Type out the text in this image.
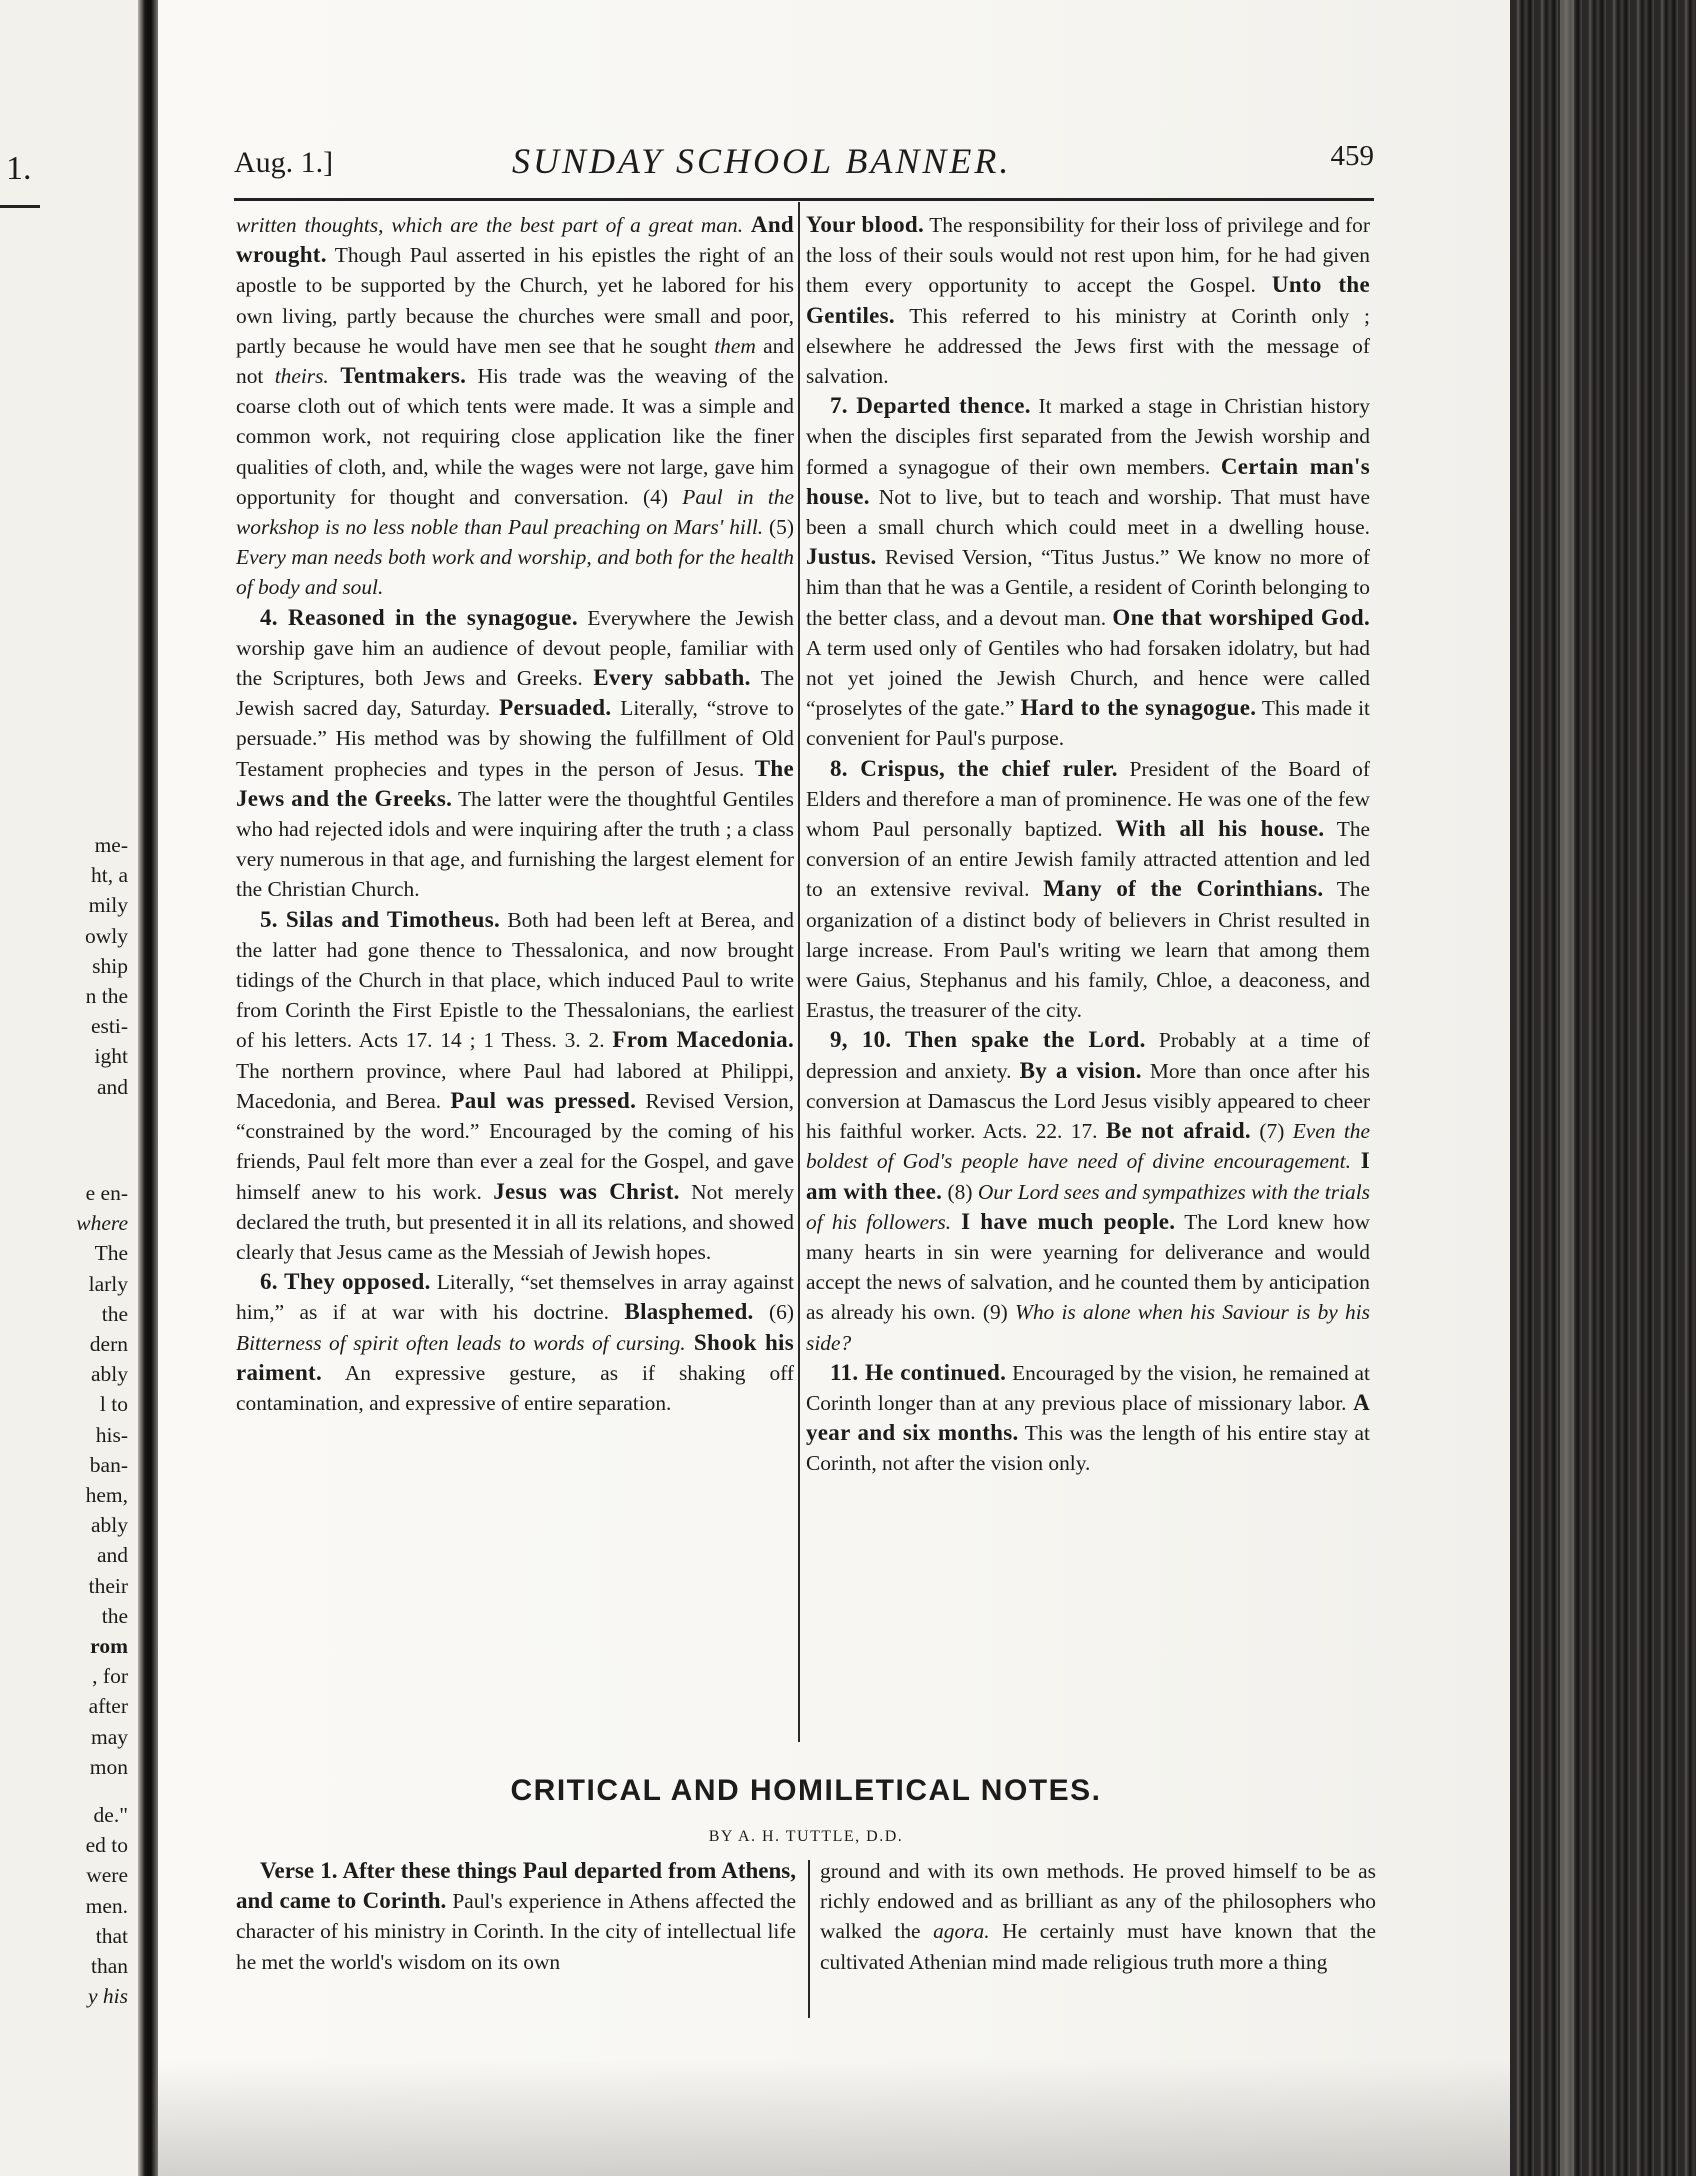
1.
me-
ht, a
mily
owly
ship
n the
esti-
ight
and
e en-
where
The
larly
the
dern
ably
l to
his-
ban-
hem,
ably
and
their
the
rom
, for
after
may
mon
de."
ed to
were
men.
that
than
y his
Aug. 1.]	SUNDAY SCHOOL BANNER.	459

written thoughts, which are the best part of a great man. And wrought. Though Paul asserted in his epistles the right of an apostle to be supported by the Church, yet he labored for his own living, partly because the churches were small and poor, partly because he would have men see that he sought them and not theirs. Tentmakers. His trade was the weaving of the coarse cloth out of which tents were made. It was a simple and common work, not requiring close application like the finer qualities of cloth, and, while the wages were not large, gave him opportunity for thought and conversation. (4) Paul in the workshop is no less noble than Paul preaching on Mars' hill. (5) Every man needs both work and worship, and both for the health of body and soul.

4. Reasoned in the synagogue. Everywhere the Jewish worship gave him an audience of devout people, familiar with the Scriptures, both Jews and Greeks. Every sabbath. The Jewish sacred day, Saturday. Persuaded. Literally, “strove to persuade.” His method was by showing the fulfillment of Old Testament prophecies and types in the person of Jesus. The Jews and the Greeks. The latter were the thoughtful Gentiles who had rejected idols and were inquiring after the truth ; a class very numerous in that age, and furnishing the largest element for the Christian Church.

5. Silas and Timotheus. Both had been left at Berea, and the latter had gone thence to Thessalonica, and now brought tidings of the Church in that place, which induced Paul to write from Corinth the First Epistle to the Thessalonians, the earliest of his letters. Acts 17. 14 ; 1 Thess. 3. 2. From Macedonia. The northern province, where Paul had labored at Philippi, Macedonia, and Berea. Paul was pressed. Revised Version, “constrained by the word.” Encouraged by the coming of his friends, Paul felt more than ever a zeal for the Gospel, and gave himself anew to his work. Jesus was Christ. Not merely declared the truth, but presented it in all its relations, and showed clearly that Jesus came as the Messiah of Jewish hopes.

6. They opposed. Literally, “set themselves in array against him,” as if at war with his doctrine. Blasphemed. (6) Bitterness of spirit often leads to words of cursing. Shook his raiment. An expressive gesture, as if shaking off contamination, and expressive of entire separation.

Your blood. The responsibility for their loss of privilege and for the loss of their souls would not rest upon him, for he had given them every opportunity to accept the Gospel. Unto the Gentiles. This referred to his ministry at Corinth only ; elsewhere he addressed the Jews first with the message of salvation.

7. Departed thence. It marked a stage in Christian history when the disciples first separated from the Jewish worship and formed a synagogue of their own members. Certain man's house. Not to live, but to teach and worship. That must have been a small church which could meet in a dwelling house. Justus. Revised Version, “Titus Justus.” We know no more of him than that he was a Gentile, a resident of Corinth belonging to the better class, and a devout man. One that worshiped God. A term used only of Gentiles who had forsaken idolatry, but had not yet joined the Jewish Church, and hence were called “proselytes of the gate.” Hard to the synagogue. This made it convenient for Paul's purpose.

8. Crispus, the chief ruler. President of the Board of Elders and therefore a man of prominence. He was one of the few whom Paul personally baptized. With all his house. The conversion of an entire Jewish family attracted attention and led to an extensive revival. Many of the Corinthians. The organization of a distinct body of believers in Christ resulted in large increase. From Paul's writing we learn that among them were Gaius, Stephanus and his family, Chloe, a deaconess, and Erastus, the treasurer of the city.

9, 10. Then spake the Lord. Probably at a time of depression and anxiety. By a vision. More than once after his conversion at Damascus the Lord Jesus visibly appeared to cheer his faithful worker. Acts. 22. 17. Be not afraid. (7) Even the boldest of God's people have need of divine encouragement. I am with thee. (8) Our Lord sees and sympathizes with the trials of his followers. I have much people. The Lord knew how many hearts in sin were yearning for deliverance and would accept the news of salvation, and he counted them by anticipation as already his own. (9) Who is alone when his Saviour is by his side?

11. He continued. Encouraged by the vision, he remained at Corinth longer than at any previous place of missionary labor. A year and six months. This was the length of his entire stay at Corinth, not after the vision only.

CRITICAL AND HOMILETICAL NOTES.
BY A. H. TUTTLE, D.D.

Verse 1. After these things Paul departed from Athens, and came to Corinth. Paul's experience in Athens affected the character of his ministry in Corinth. In the city of intellectual life he met the world's wisdom on its own

ground and with its own methods. He proved himself to be as richly endowed and as brilliant as any of the philosophers who walked the agora. He certainly must have known that the cultivated Athenian mind made religious truth more a thing
